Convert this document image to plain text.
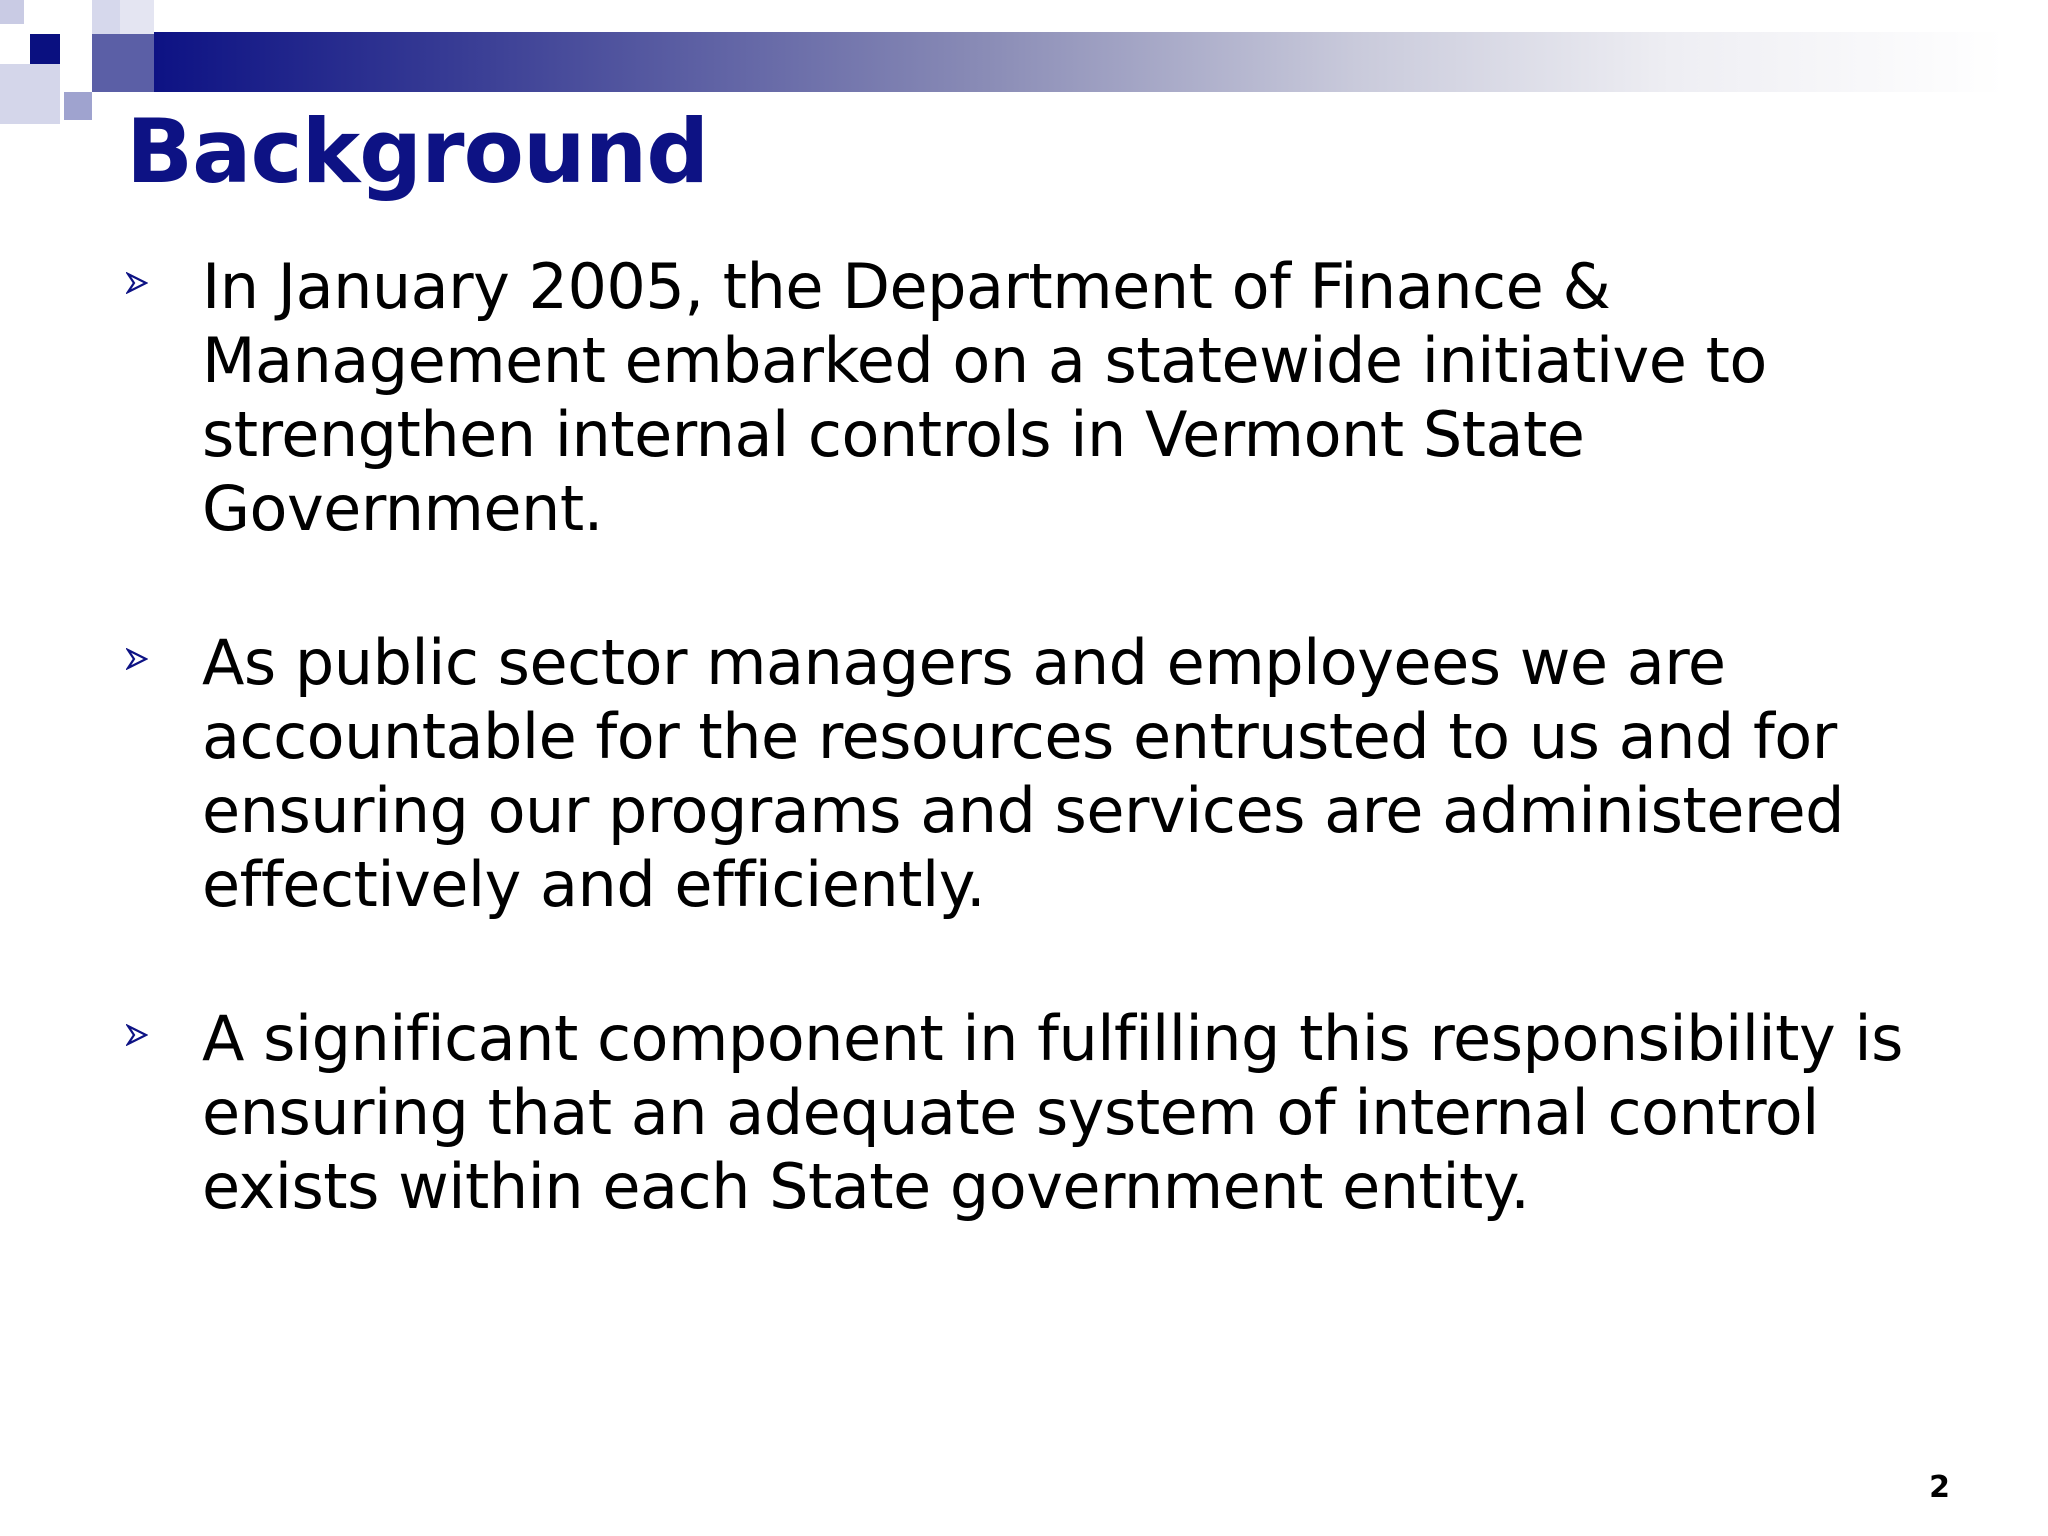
Background
In January 2005, the Department of Finance & Management embarked on a statewide initiative to strengthen internal controls in Vermont State Government.
As public sector managers and employees we are accountable for the resources entrusted to us and for ensuring our programs and services are administered effectively and efficiently.
A significant component in fulfilling this responsibility is ensuring that an adequate system of internal control exists within each State government entity.
2
